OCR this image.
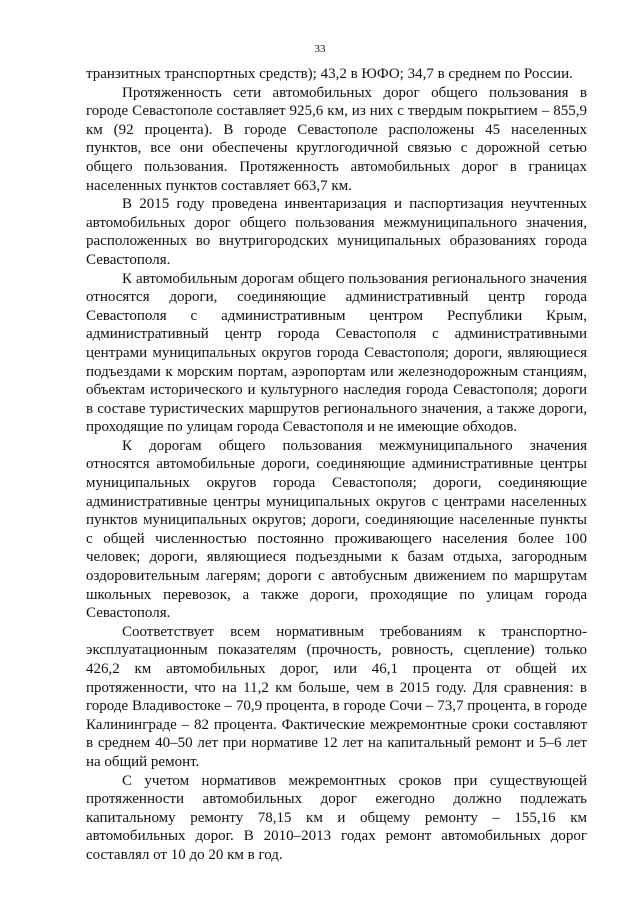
33

транзитных транспортных средств); 43,2 в ЮФО; 34,7 в среднем по России.

Протяженность сети автомобильных дорог общего пользования в городе Севастополе составляет 925,6 км, из них с твердым покрытием – 855,9 км (92 процента). В городе Севастополе расположены 45 населенных пунктов, все они обеспечены круглогодичной связью с дорожной сетью общего пользования. Протяженность автомобильных дорог в границах населенных пунктов составляет 663,7 км.

В 2015 году проведена инвентаризация и паспортизация неучтенных автомобильных дорог общего пользования межмуниципального значения, расположенных во внутригородских муниципальных образованиях города Севастополя.

К автомобильным дорогам общего пользования регионального значения относятся дороги, соединяющие административный центр города Севастополя с административным центром Республики Крым, административный центр города Севастополя с административными центрами муниципальных округов города Севастополя; дороги, являющиеся подъездами к морским портам, аэропортам или железнодорожным станциям, объектам исторического и культурного наследия города Севастополя; дороги в составе туристических маршрутов регионального значения, а также дороги, проходящие по улицам города Севастополя и не имеющие обходов.

К дорогам общего пользования межмуниципального значения относятся автомобильные дороги, соединяющие административные центры муниципальных округов города Севастополя; дороги, соединяющие административные центры муниципальных округов с центрами населенных пунктов муниципальных округов; дороги, соединяющие населенные пункты с общей численностью постоянно проживающего населения более 100 человек; дороги, являющиеся подъездными к базам отдыха, загородным оздоровительным лагерям; дороги с автобусным движением по маршрутам школьных перевозок, а также дороги, проходящие по улицам города Севастополя.

Соответствует всем нормативным требованиям к транспортно-эксплуатационным показателям (прочность, ровность, сцепление) только 426,2 км автомобильных дорог, или 46,1 процента от общей их протяженности, что на 11,2 км больше, чем в 2015 году. Для сравнения: в городе Владивостоке – 70,9 процента, в городе Сочи – 73,7 процента, в городе Калининграде – 82 процента. Фактические межремонтные сроки составляют в среднем 40–50 лет при нормативе 12 лет на капитальный ремонт и 5–6 лет на общий ремонт.

С учетом нормативов межремонтных сроков при существующей протяженности автомобильных дорог ежегодно должно подлежать капитальному ремонту 78,15 км и общему ремонту – 155,16 км автомобильных дорог. В 2010–2013 годах ремонт автомобильных дорог составлял от 10 до 20 км в год.
